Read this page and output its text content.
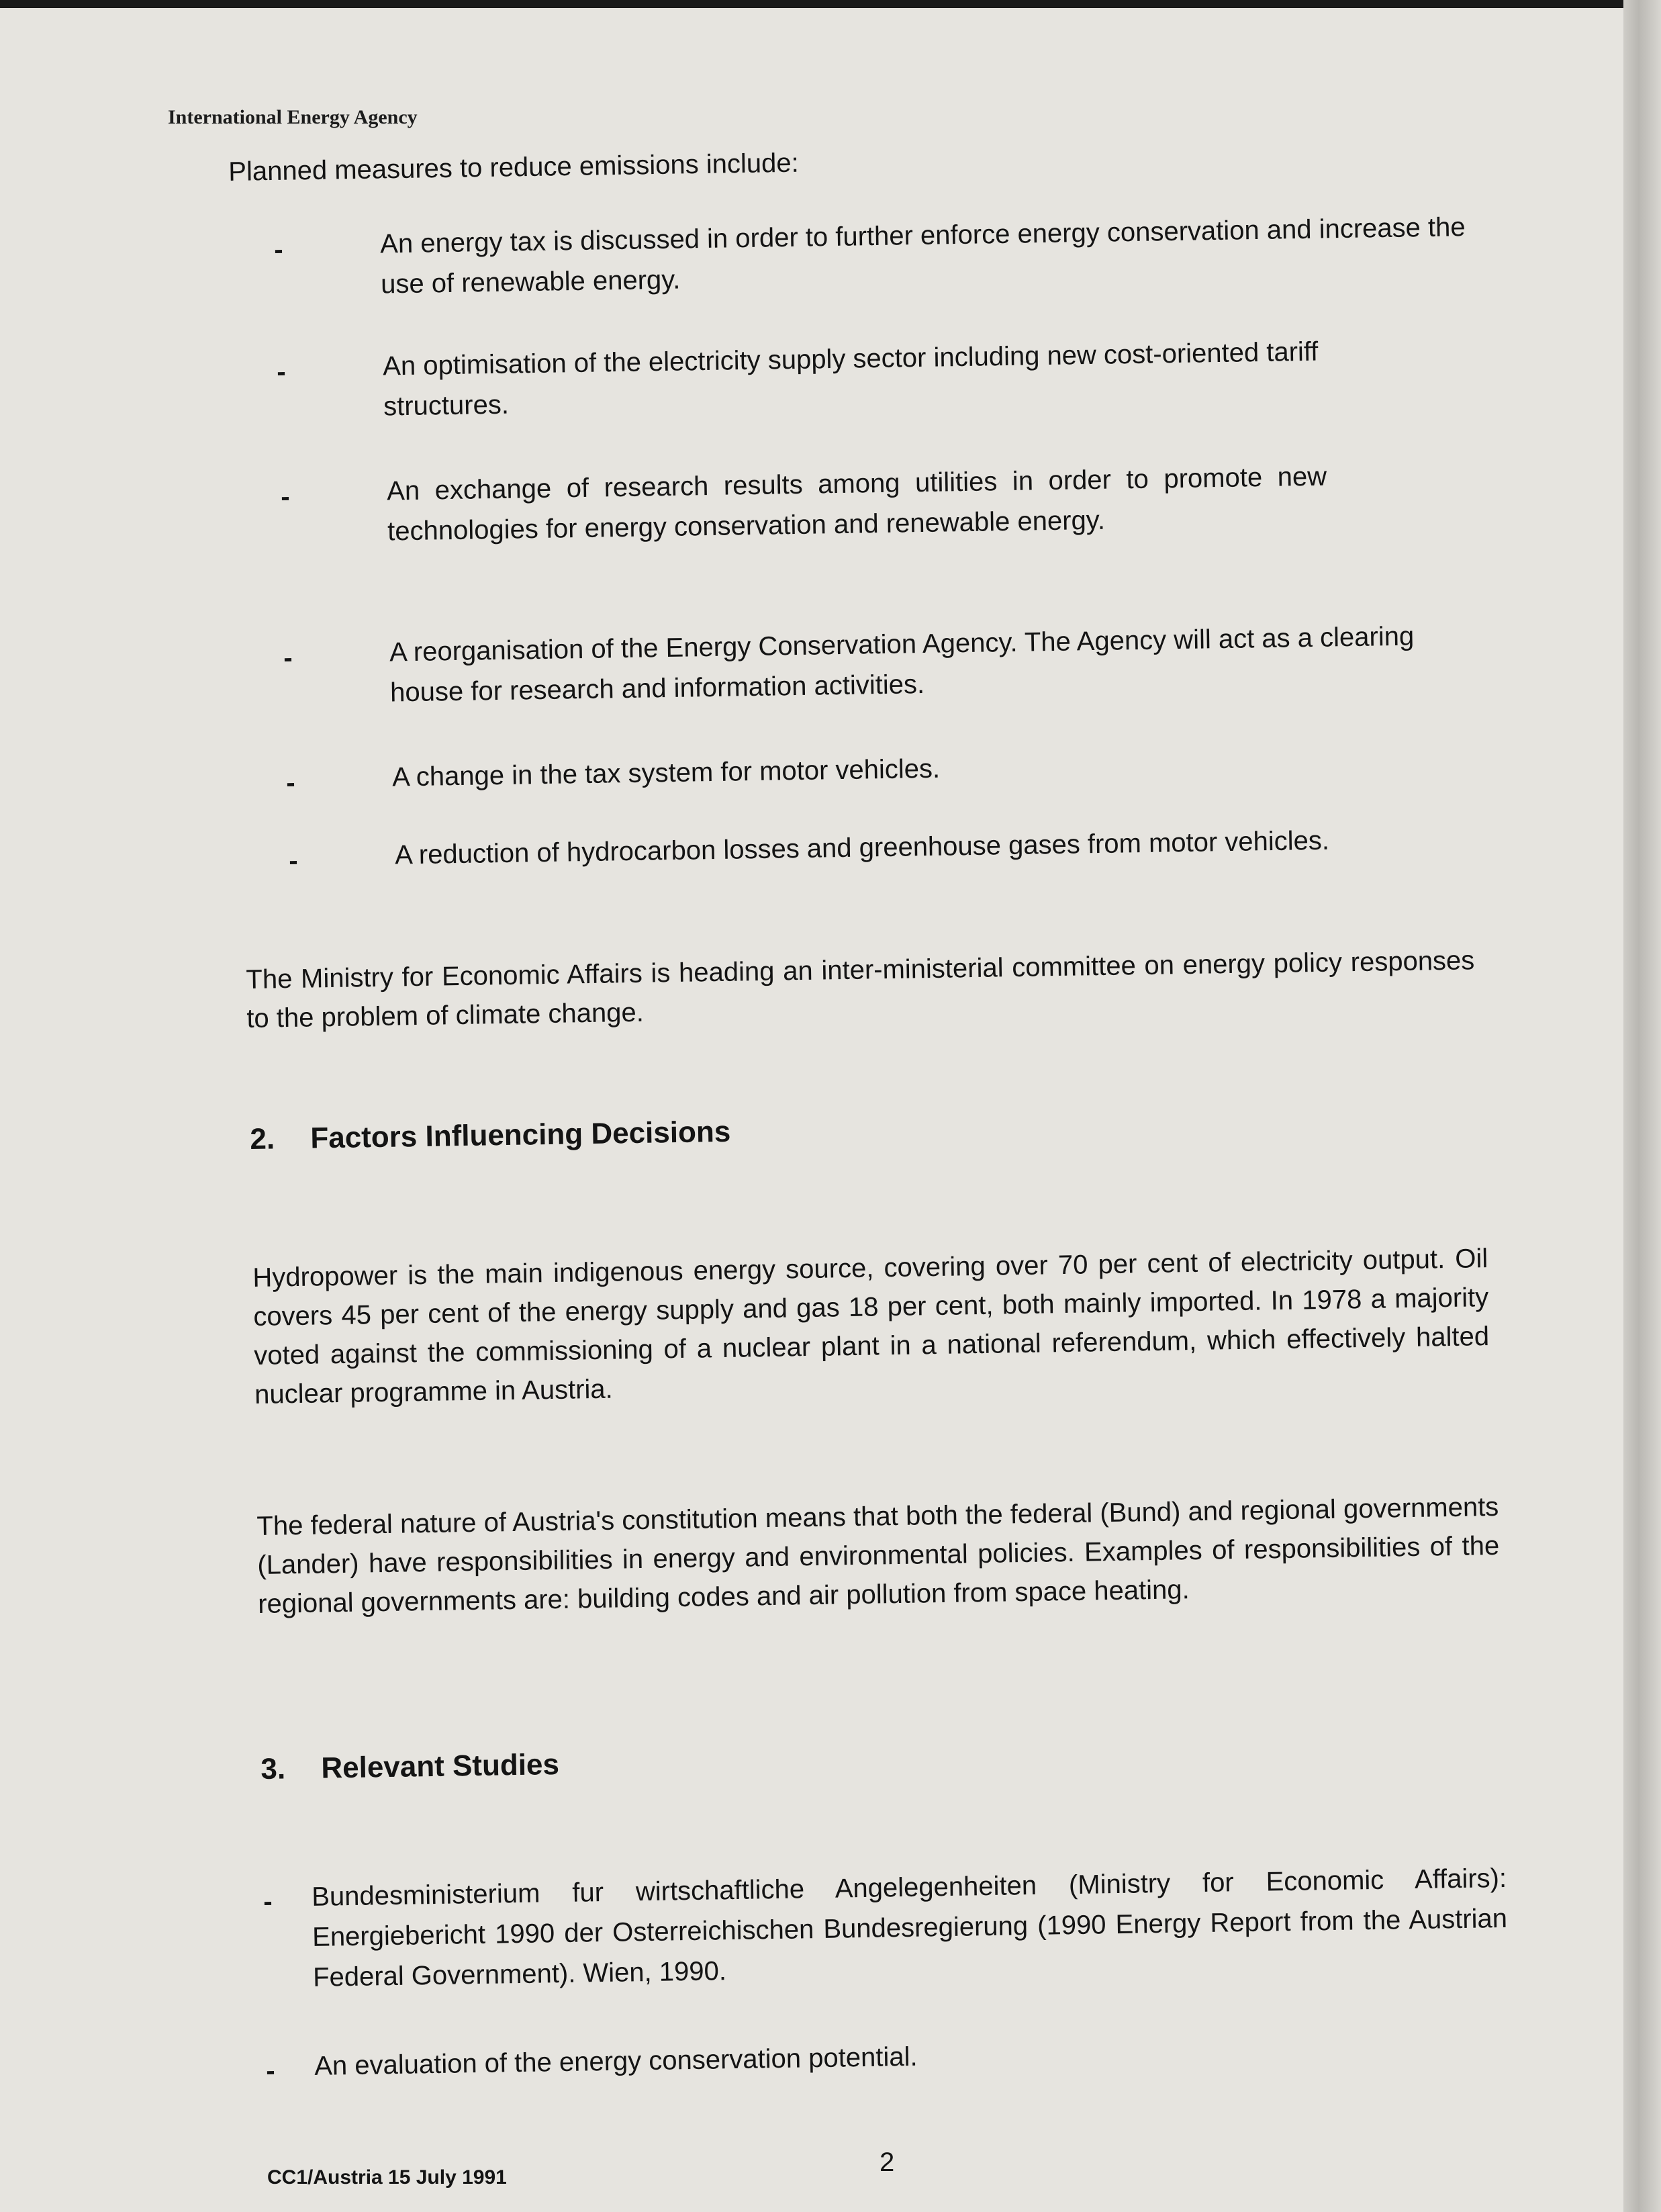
International Energy Agency
Planned measures to reduce emissions include:
-	An energy tax is discussed in order to further enforce energy conservation and increase the use of renewable energy.
-	An optimisation of the electricity supply sector including new cost-oriented tariff structures.
-	An exchange of research results among utilities in order to promote new technologies for energy conservation and renewable energy.
-	A reorganisation of the Energy Conservation Agency. The Agency will act as a clearing house for research and information activities.
-	A change in the tax system for motor vehicles.
-	A reduction of hydrocarbon losses and greenhouse gases from motor vehicles.
The Ministry for Economic Affairs is heading an inter-ministerial committee on energy policy responses to the problem of climate change.
2. Factors Influencing Decisions
Hydropower is the main indigenous energy source, covering over 70 per cent of electricity output. Oil covers 45 per cent of the energy supply and gas 18 per cent, both mainly imported. In 1978 a majority voted against the commissioning of a nuclear plant in a national referendum, which effectively halted nuclear programme in Austria.
The federal nature of Austria's constitution means that both the federal (Bund) and regional governments (Lander) have responsibilities in energy and environmental policies. Examples of responsibilities of the regional governments are: building codes and air pollution from space heating.
3. Relevant Studies
- Bundesministerium fur wirtschaftliche Angelegenheiten (Ministry for Economic Affairs): Energiebericht 1990 der Osterreichischen Bundesregierung (1990 Energy Report from the Austrian Federal Government). Wien, 1990.
- An evaluation of the energy conservation potential.
CC1/Austria 15 July 1991
2
